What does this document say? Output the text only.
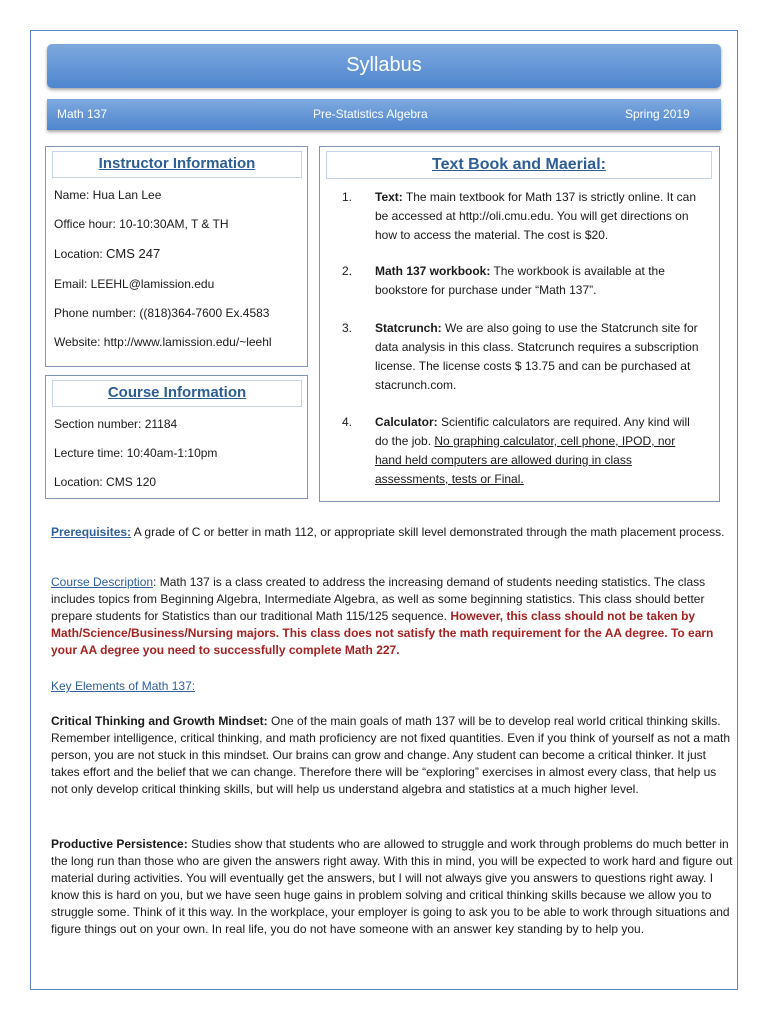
Syllabus
Math 137	Pre-Statistics Algebra	Spring 2019
Instructor Information
Name: Hua Lan Lee
Office hour: 10-10:30AM, T & TH
Location: CMS 247
Email: LEEHL@lamission.edu
Phone number: ((818)364-7600 Ex.4583
Website: http://www.lamission.edu/~leehl
Course Information
Section number: 21184
Lecture time: 10:40am-1:10pm
Location: CMS 120
Text Book and Maerial:
1. Text: The main textbook for Math 137 is strictly online. It can be accessed at http://oli.cmu.edu. You will get directions on how to access the material. The cost is $20.
2. Math 137 workbook: The workbook is available at the bookstore for purchase under “Math 137”.
3. Statcrunch: We are also going to use the Statcrunch site for data analysis in this class. Statcrunch requires a subscription license. The license costs $ 13.75 and can be purchased at stacrunch.com.
4. Calculator: Scientific calculators are required. Any kind will do the job. No graphing calculator, cell phone, IPOD, nor hand held computers are allowed during in class assessments, tests or Final.
Prerequisites: A grade of C or better in math 112, or appropriate skill level demonstrated through the math placement process.
Course Description: Math 137 is a class created to address the increasing demand of students needing statistics. The class includes topics from Beginning Algebra, Intermediate Algebra, as well as some beginning statistics. This class should better prepare students for Statistics than our traditional Math 115/125 sequence. However, this class should not be taken by Math/Science/Business/Nursing majors. This class does not satisfy the math requirement for the AA degree. To earn your AA degree you need to successfully complete Math 227.
Key Elements of Math 137:
Critical Thinking and Growth Mindset: One of the main goals of math 137 will be to develop real world critical thinking skills. Remember intelligence, critical thinking, and math proficiency are not fixed quantities. Even if you think of yourself as not a math person, you are not stuck in this mindset. Our brains can grow and change. Any student can become a critical thinker. It just takes effort and the belief that we can change. Therefore there will be “exploring” exercises in almost every class, that help us not only develop critical thinking skills, but will help us understand algebra and statistics at a much higher level.
Productive Persistence: Studies show that students who are allowed to struggle and work through problems do much better in the long run than those who are given the answers right away. With this in mind, you will be expected to work hard and figure out material during activities. You will eventually get the answers, but I will not always give you answers to questions right away. I know this is hard on you, but we have seen huge gains in problem solving and critical thinking skills because we allow you to struggle some. Think of it this way. In the workplace, your employer is going to ask you to be able to work through situations and figure things out on your own. In real life, you do not have someone with an answer key standing by to help you.
